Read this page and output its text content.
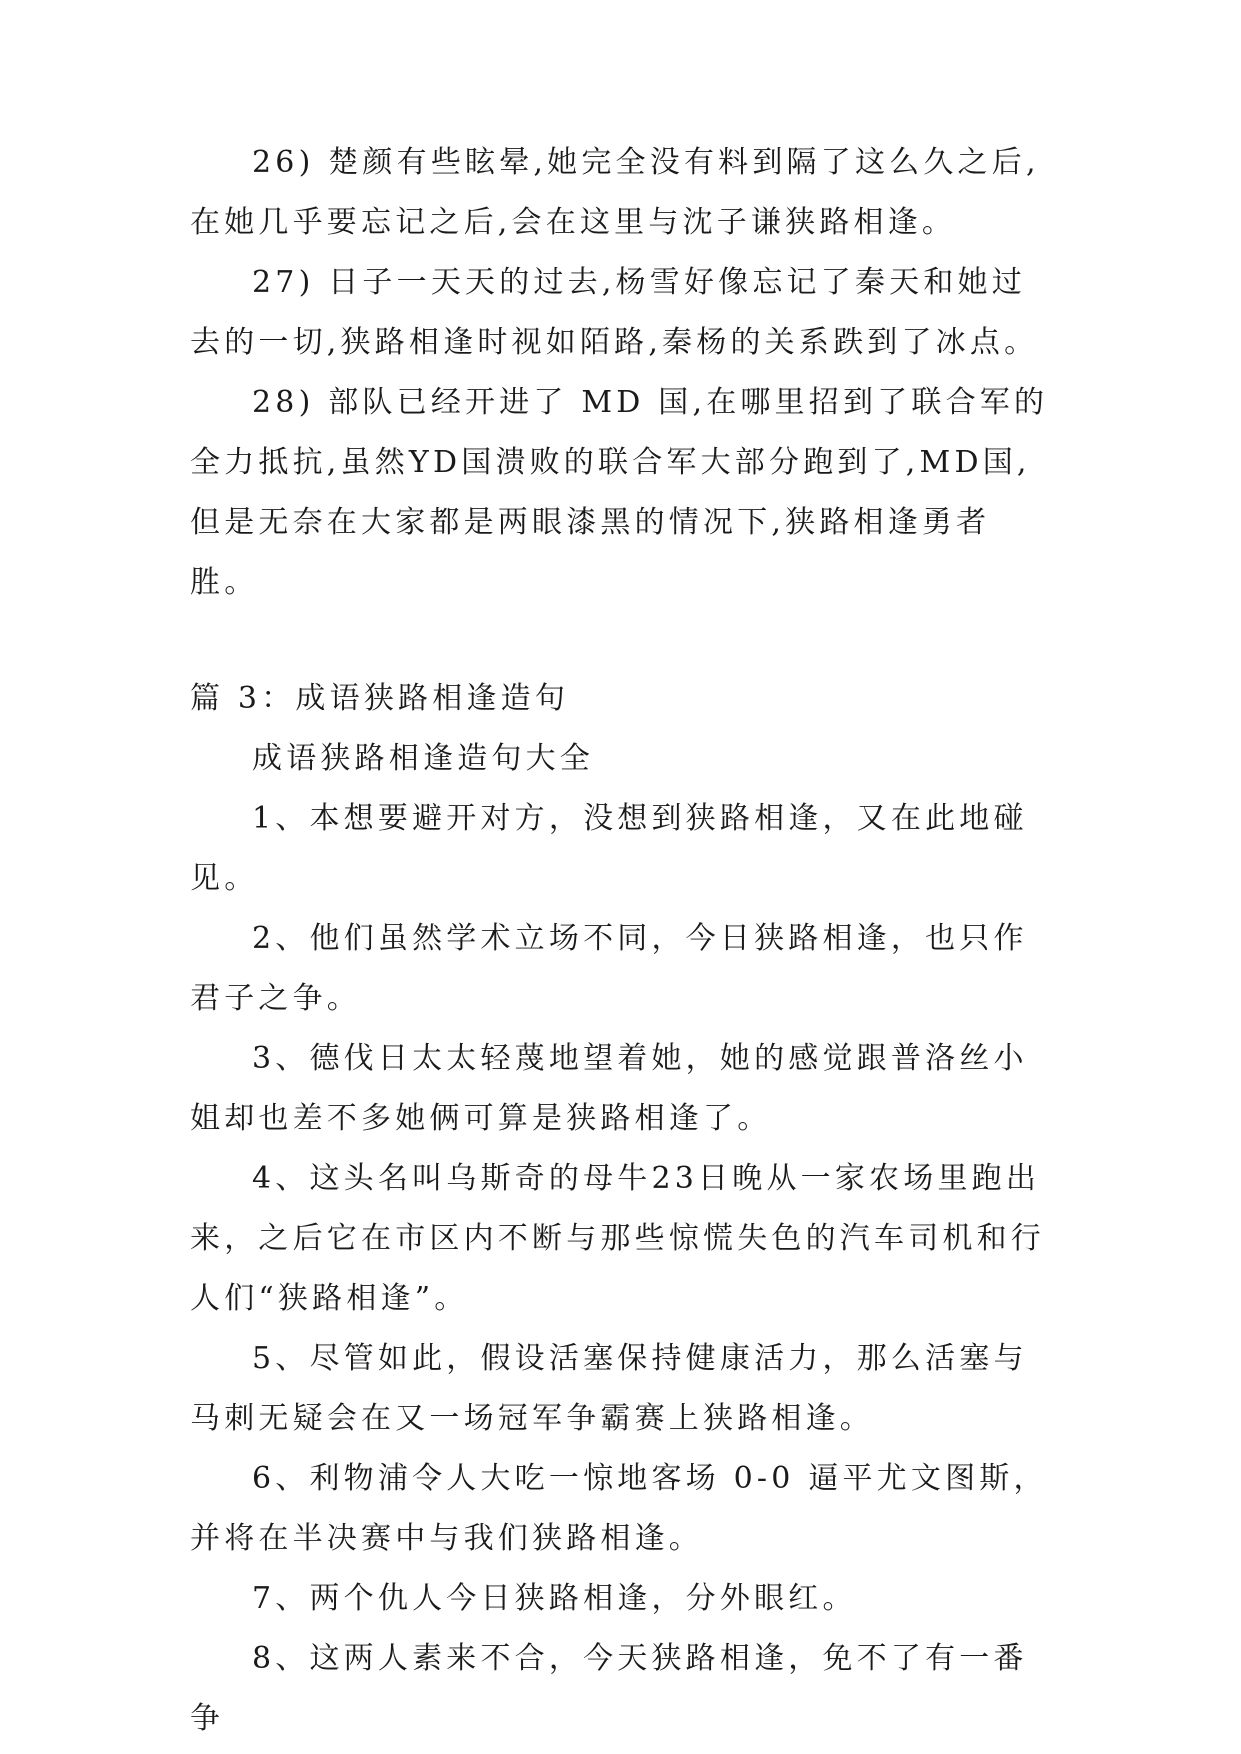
26) 楚颜有些眩晕,她完全没有料到隔了这么久之后,在她几乎要忘记之后,会在这里与沈子谦狭路相逢。

27) 日子一天天的过去,杨雪好像忘记了秦天和她过去的一切,狭路相逢时视如陌路,秦杨的关系跌到了冰点。

28) 部队已经开进了 MD 国,在哪里招到了联合军的全力抵抗,虽然YD国溃败的联合军大部分跑到了,MD国,但是无奈在大家都是两眼漆黑的情况下,狭路相逢勇者胜。

篇 3：成语狭路相逢造句

成语狭路相逢造句大全

1、本想要避开对方，没想到狭路相逢，又在此地碰见。

2、他们虽然学术立场不同，今日狭路相逢，也只作君子之争。

3、德伐日太太轻蔑地望着她，她的感觉跟普洛丝小姐却也差不多她俩可算是狭路相逢了。

4、这头名叫乌斯奇的母牛23日晚从一家农场里跑出来，之后它在市区内不断与那些惊慌失色的汽车司机和行人们“狭路相逢”。

5、尽管如此，假设活塞保持健康活力，那么活塞与马刺无疑会在又一场冠军争霸赛上狭路相逢。

6、利物浦令人大吃一惊地客场 0-0 逼平尤文图斯，并将在半决赛中与我们狭路相逢。

7、两个仇人今日狭路相逢，分外眼红。

8、这两人素来不合，今天狭路相逢，免不了有一番争
